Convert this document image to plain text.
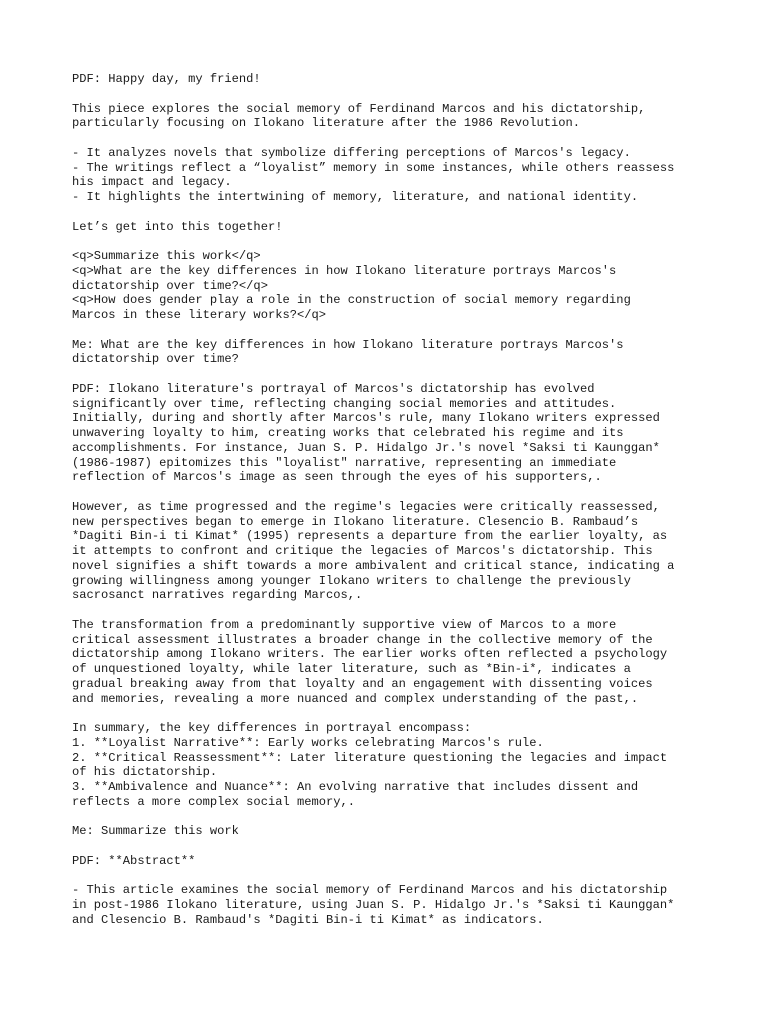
PDF: Happy day, my friend!
This piece explores the social memory of Ferdinand Marcos and his dictatorship,
particularly focusing on Ilokano literature after the 1986 Revolution.
- It analyzes novels that symbolize differing perceptions of Marcos's legacy.
- The writings reflect a “loyalist” memory in some instances, while others reassess
his impact and legacy.
- It highlights the intertwining of memory, literature, and national identity.
Let’s get into this together!
<q>Summarize this work</q>
<q>What are the key differences in how Ilokano literature portrays Marcos's
dictatorship over time?</q>
<q>How does gender play a role in the construction of social memory regarding
Marcos in these literary works?</q>
Me: What are the key differences in how Ilokano literature portrays Marcos's
dictatorship over time?
PDF: Ilokano literature's portrayal of Marcos's dictatorship has evolved
significantly over time, reflecting changing social memories and attitudes.
Initially, during and shortly after Marcos's rule, many Ilokano writers expressed
unwavering loyalty to him, creating works that celebrated his regime and its
accomplishments. For instance, Juan S. P. Hidalgo Jr.'s novel *Saksi ti Kaunggan*
(1986-1987) epitomizes this "loyalist" narrative, representing an immediate
reflection of Marcos's image as seen through the eyes of his supporters,.
However, as time progressed and the regime's legacies were critically reassessed,
new perspectives began to emerge in Ilokano literature. Clesencio B. Rambaud’s
*Dagiti Bin-i ti Kimat* (1995) represents a departure from the earlier loyalty, as
it attempts to confront and critique the legacies of Marcos's dictatorship. This
novel signifies a shift towards a more ambivalent and critical stance, indicating a
growing willingness among younger Ilokano writers to challenge the previously
sacrosanct narratives regarding Marcos,.
The transformation from a predominantly supportive view of Marcos to a more
critical assessment illustrates a broader change in the collective memory of the
dictatorship among Ilokano writers. The earlier works often reflected a psychology
of unquestioned loyalty, while later literature, such as *Bin-i*, indicates a
gradual breaking away from that loyalty and an engagement with dissenting voices
and memories, revealing a more nuanced and complex understanding of the past,.
In summary, the key differences in portrayal encompass:
1. **Loyalist Narrative**: Early works celebrating Marcos's rule.
2. **Critical Reassessment**: Later literature questioning the legacies and impact
of his dictatorship.
3. **Ambivalence and Nuance**: An evolving narrative that includes dissent and
reflects a more complex social memory,.
Me: Summarize this work
PDF: **Abstract**
- This article examines the social memory of Ferdinand Marcos and his dictatorship
in post-1986 Ilokano literature, using Juan S. P. Hidalgo Jr.'s *Saksi ti Kaunggan*
and Clesencio B. Rambaud's *Dagiti Bin-i ti Kimat* as indicators.
